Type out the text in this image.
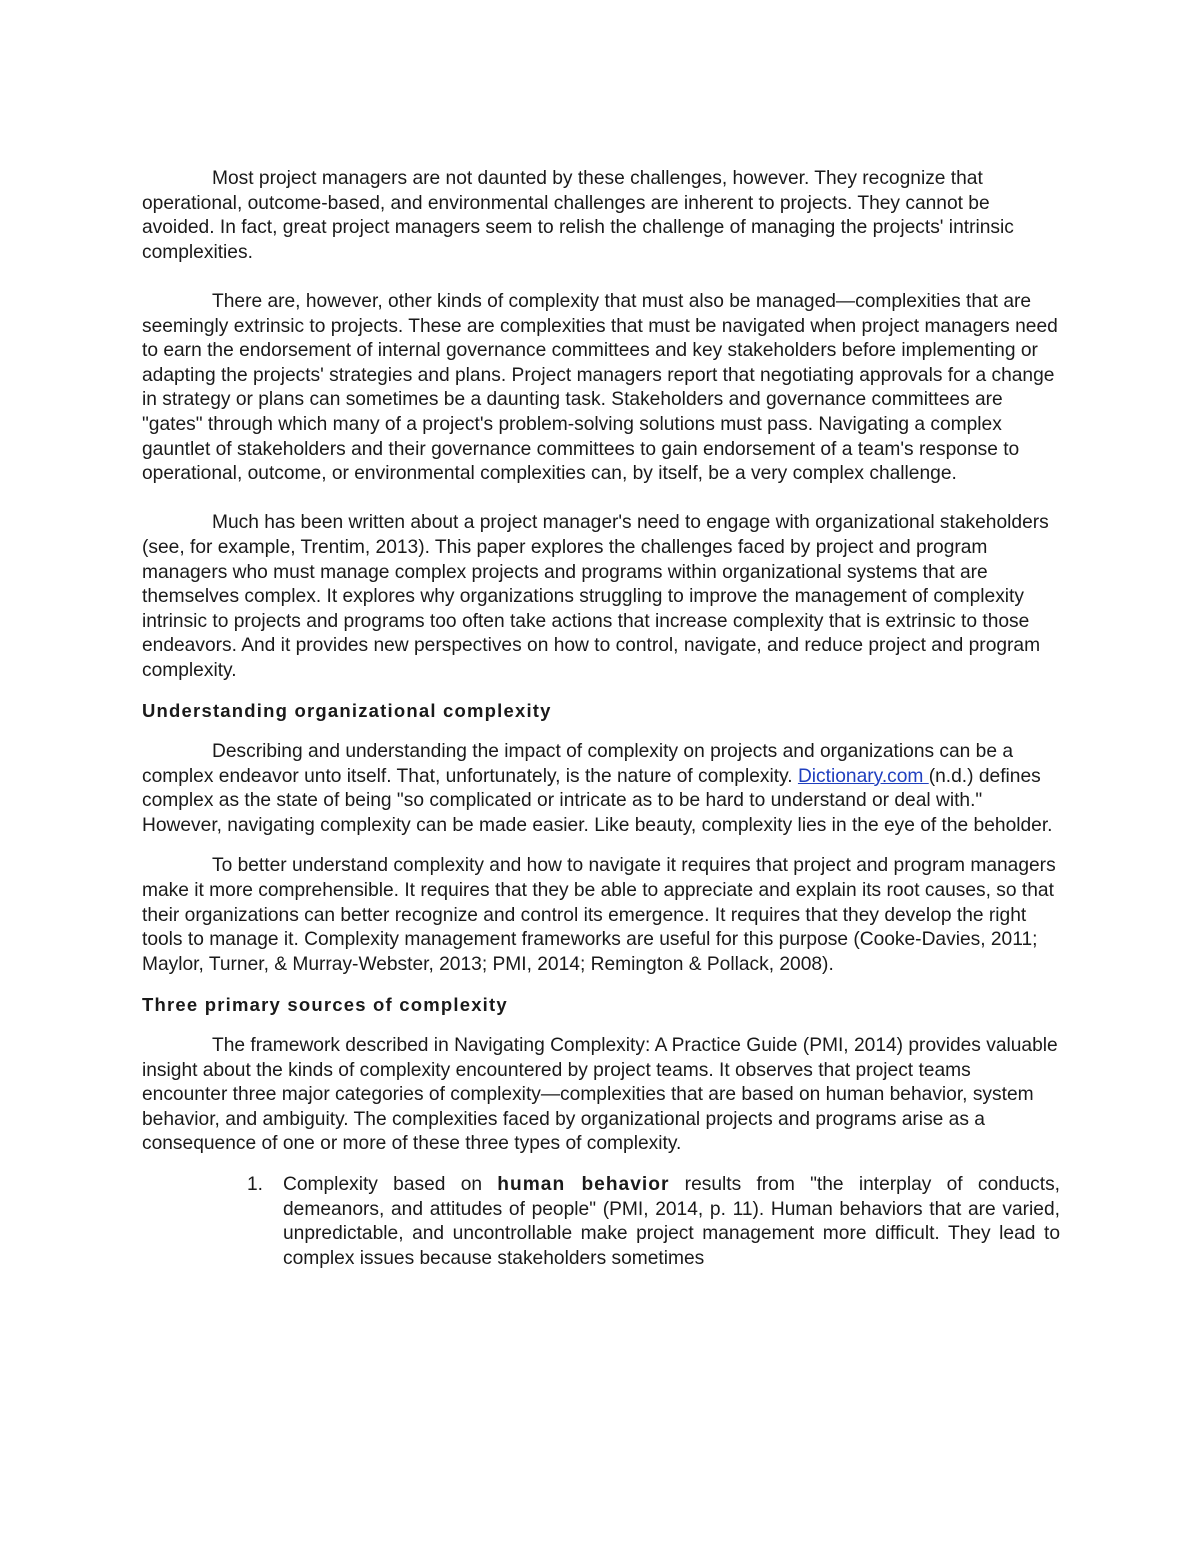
Most project managers are not daunted by these challenges, however. They recognize that operational, outcome-based, and environmental challenges are inherent to projects. They cannot be avoided. In fact, great project managers seem to relish the challenge of managing the projects' intrinsic complexities.

There are, however, other kinds of complexity that must also be managed—complexities that are seemingly extrinsic to projects. These are complexities that must be navigated when project managers need to earn the endorsement of internal governance committees and key stakeholders before implementing or adapting the projects' strategies and plans. Project managers report that negotiating approvals for a change in strategy or plans can sometimes be a daunting task. Stakeholders and governance committees are "gates" through which many of a project's problem-solving solutions must pass. Navigating a complex gauntlet of stakeholders and their governance committees to gain endorsement of a team's response to operational, outcome, or environmental complexities can, by itself, be a very complex challenge.

Much has been written about a project manager's need to engage with organizational stakeholders (see, for example, Trentim, 2013). This paper explores the challenges faced by project and program managers who must manage complex projects and programs within organizational systems that are themselves complex. It explores why organizations struggling to improve the management of complexity intrinsic to projects and programs too often take actions that increase complexity that is extrinsic to those endeavors. And it provides new perspectives on how to control, navigate, and reduce project and program complexity.

Understanding organizational complexity

Describing and understanding the impact of complexity on projects and organizations can be a complex endeavor unto itself. That, unfortunately, is the nature of complexity. Dictionary.com (n.d.) defines complex as the state of being "so complicated or intricate as to be hard to understand or deal with." However, navigating complexity can be made easier. Like beauty, complexity lies in the eye of the beholder.

To better understand complexity and how to navigate it requires that project and program managers make it more comprehensible. It requires that they be able to appreciate and explain its root causes, so that their organizations can better recognize and control its emergence. It requires that they develop the right tools to manage it. Complexity management frameworks are useful for this purpose (Cooke-Davies, 2011; Maylor, Turner, & Murray-Webster, 2013; PMI, 2014; Remington & Pollack, 2008).

Three primary sources of complexity

The framework described in Navigating Complexity: A Practice Guide (PMI, 2014) provides valuable insight about the kinds of complexity encountered by project teams. It observes that project teams encounter three major categories of complexity—complexities that are based on human behavior, system behavior, and ambiguity. The complexities faced by organizational projects and programs arise as a consequence of one or more of these three types of complexity.

1. Complexity based on human behavior results from "the interplay of conducts, demeanors, and attitudes of people" (PMI, 2014, p. 11). Human behaviors that are varied, unpredictable, and uncontrollable make project management more difficult. They lead to complex issues because stakeholders sometimes
